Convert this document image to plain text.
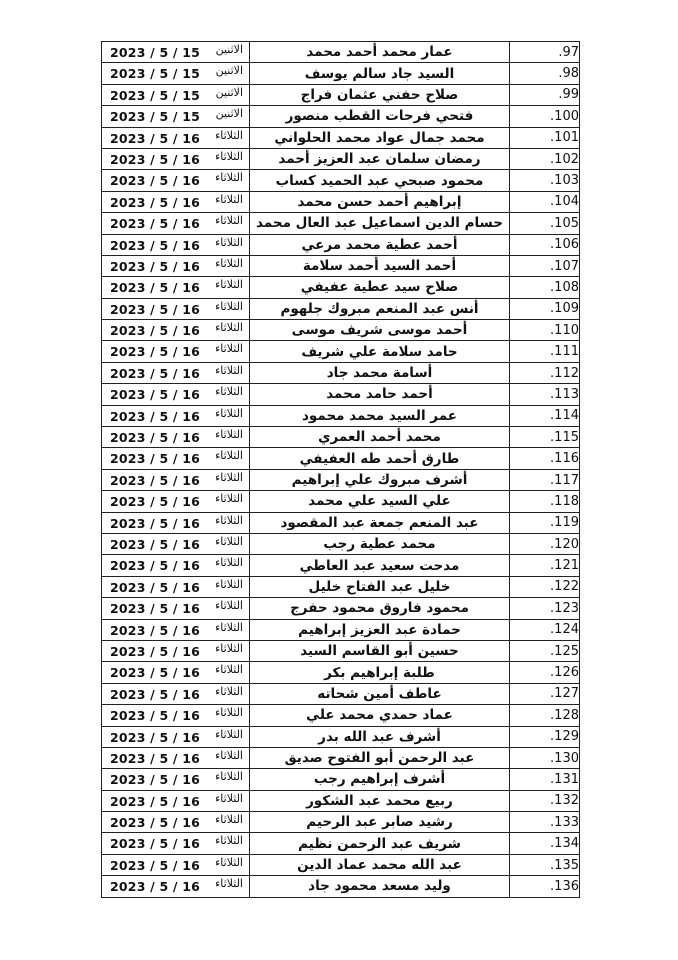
2023 / 5 / 15 الاثنين	عمار محمد أحمد محمد	.97

2023 / 5 / 15 الاثنين	السيد جاد سالم يوسف	.98

2023 / 5 / 15 الاثنين	صلاح حفني عثمان فراج	.99

2023 / 5 / 15 الاثنين	فتحي فرحات القطب منصور	.100

2023 / 5 / 16 الثلاثاء	محمد جمال عواد محمد الحلواني	.101

2023 / 5 / 16 الثلاثاء	رمضان سلمان عبد العزيز أحمد	.102

2023 / 5 / 16 الثلاثاء	محمود صبحي عبد الحميد كساب	.103

2023 / 5 / 16 الثلاثاء	إبراهيم أحمد حسن محمد	.104

2023 / 5 / 16 الثلاثاء	حسام الدين اسماعيل عبد العال محمد	.105

2023 / 5 / 16 الثلاثاء	أحمد عطية محمد مرعي	.106

2023 / 5 / 16 الثلاثاء	أحمد السيد أحمد سلامة	.107

2023 / 5 / 16 الثلاثاء	صلاح سيد عطية عفيفي	.108

2023 / 5 / 16 الثلاثاء	أنس عبد المنعم مبروك جلهوم	.109

2023 / 5 / 16 الثلاثاء	أحمد موسى شريف موسى	.110

2023 / 5 / 16 الثلاثاء	حامد سلامة علي شريف	.111

2023 / 5 / 16 الثلاثاء	أسامة محمد جاد	.112

2023 / 5 / 16 الثلاثاء	أحمد حامد محمد	.113

2023 / 5 / 16 الثلاثاء	عمر السيد محمد محمود	.114

2023 / 5 / 16 الثلاثاء	محمد أحمد العمري	.115

2023 / 5 / 16 الثلاثاء	طارق أحمد طه العفيفي	.116

2023 / 5 / 16 الثلاثاء	أشرف مبروك علي إبراهيم	.117

2023 / 5 / 16 الثلاثاء	علي السيد علي محمد	.118

2023 / 5 / 16 الثلاثاء	عبد المنعم جمعة عبد المقصود	.119

2023 / 5 / 16 الثلاثاء	محمد عطية رجب	.120

2023 / 5 / 16 الثلاثاء	مدحت سعيد عبد العاطي	.121

2023 / 5 / 16 الثلاثاء	خليل عبد الفتاح خليل	.122

2023 / 5 / 16 الثلاثاء	محمود فاروق محمود حفرج	.123

2023 / 5 / 16 الثلاثاء	حمادة عبد العزيز إبراهيم	.124

2023 / 5 / 16 الثلاثاء	حسين أبو القاسم السيد	.125

2023 / 5 / 16 الثلاثاء	طلبة إبراهيم بكر	.126

2023 / 5 / 16 الثلاثاء	عاطف أمين شحاته	.127

2023 / 5 / 16 الثلاثاء	عماد حمدي محمد علي	.128

2023 / 5 / 16 الثلاثاء	أشرف عبد الله بدر	.129

2023 / 5 / 16 الثلاثاء	عبد الرحمن أبو الفتوح صديق	.130

2023 / 5 / 16 الثلاثاء	أشرف إبراهيم رجب	.131

2023 / 5 / 16 الثلاثاء	ربيع محمد عبد الشكور	.132

2023 / 5 / 16 الثلاثاء	رشيد صابر عبد الرحيم	.133

2023 / 5 / 16 الثلاثاء	شريف عبد الرحمن نظيم	.134

2023 / 5 / 16 الثلاثاء	عبد الله محمد عماد الدين	.135

2023 / 5 / 16 الثلاثاء	وليد مسعد محمود جاد	.136
